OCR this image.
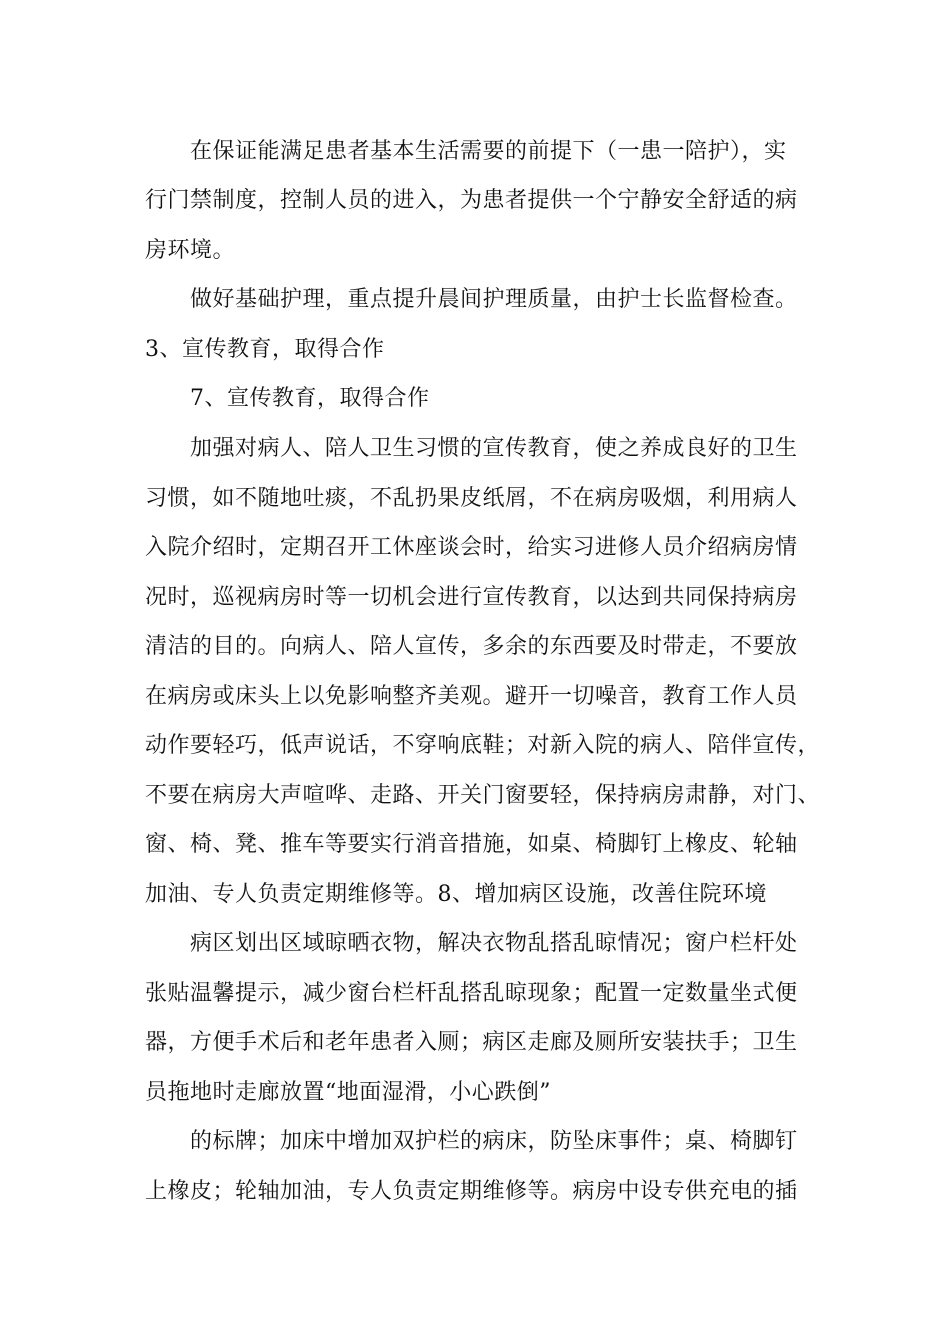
在保证能满足患者基本生活需要的前提下（一患一陪护），实
行门禁制度，控制人员的进入，为患者提供一个宁静安全舒适的病
房环境。
做好基础护理，重点提升晨间护理质量，由护士长监督检查。
3、宣传教育，取得合作
7、宣传教育，取得合作
加强对病人、陪人卫生习惯的宣传教育，使之养成良好的卫生
习惯，如不随地吐痰，不乱扔果皮纸屑，不在病房吸烟，利用病人
入院介绍时，定期召开工休座谈会时，给实习进修人员介绍病房情
况时，巡视病房时等一切机会进行宣传教育，以达到共同保持病房
清洁的目的。向病人、陪人宣传，多余的东西要及时带走，不要放
在病房或床头上以免影响整齐美观。避开一切噪音，教育工作人员
动作要轻巧，低声说话，不穿响底鞋；对新入院的病人、陪伴宣传，
不要在病房大声喧哗、走路、开关门窗要轻，保持病房肃静，对门、
窗、椅、凳、推车等要实行消音措施，如桌、椅脚钉上橡皮、轮轴
加油、专人负责定期维修等。8、增加病区设施，改善住院环境
病区划出区域晾晒衣物，解决衣物乱搭乱晾情况；窗户栏杆处
张贴温馨提示，减少窗台栏杆乱搭乱晾现象；配置一定数量坐式便
器，方便手术后和老年患者入厕；病区走廊及厕所安装扶手；卫生
员拖地时走廊放置“地面湿滑，小心跌倒”
的标牌；加床中增加双护栏的病床，防坠床事件；桌、椅脚钉
上橡皮；轮轴加油，专人负责定期维修等。病房中设专供充电的插
